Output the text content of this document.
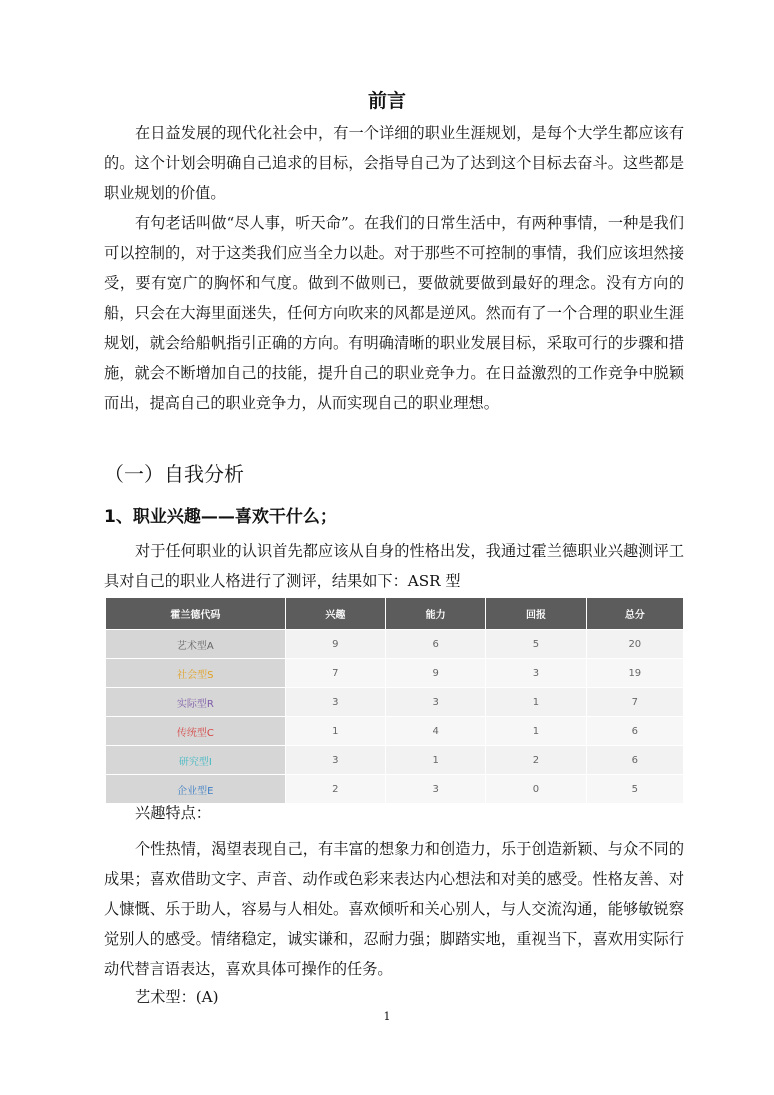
前言

在日益发展的现代化社会中，有一个详细的职业生涯规划，是每个大学生都应该有的。这个计划会明确自己追求的目标，会指导自己为了达到这个目标去奋斗。这些都是职业规划的价值。

有句老话叫做“尽人事，听天命”。在我们的日常生活中，有两种事情，一种是我们可以控制的，对于这类我们应当全力以赴。对于那些不可控制的事情，我们应该坦然接受，要有宽广的胸怀和气度。做到不做则已，要做就要做到最好的理念。没有方向的船，只会在大海里面迷失，任何方向吹来的风都是逆风。然而有了一个合理的职业生涯规划，就会给船帆指引正确的方向。有明确清晰的职业发展目标，采取可行的步骤和措施，就会不断增加自己的技能，提升自己的职业竞争力。在日益激烈的工作竞争中脱颖而出，提高自己的职业竞争力，从而实现自己的职业理想。

（一）自我分析
1、职业兴趣——喜欢干什么；

对于任何职业的认识首先都应该从自身的性格出发，我通过霍兰德职业兴趣测评工具对自己的职业人格进行了测评，结果如下：ASR 型

霍兰德代码	兴趣	能力	回报	总分
艺术型A	9	6	5	20
社会型S	7	9	3	19
实际型R	3	3	1	7
传统型C	1	4	1	6
研究型I	3	1	2	6
企业型E	2	3	0	5
兴趣特点：

个性热情，渴望表现自己，有丰富的想象力和创造力，乐于创造新颖、与众不同的成果；喜欢借助文字、声音、动作或色彩来表达内心想法和对美的感受。性格友善、对人慷慨、乐于助人，容易与人相处。喜欢倾听和关心别人，与人交流沟通，能够敏锐察觉别人的感受。情绪稳定，诚实谦和，忍耐力强；脚踏实地，重视当下，喜欢用实际行动代替言语表达，喜欢具体可操作的任务。

艺术型：(A)
1
